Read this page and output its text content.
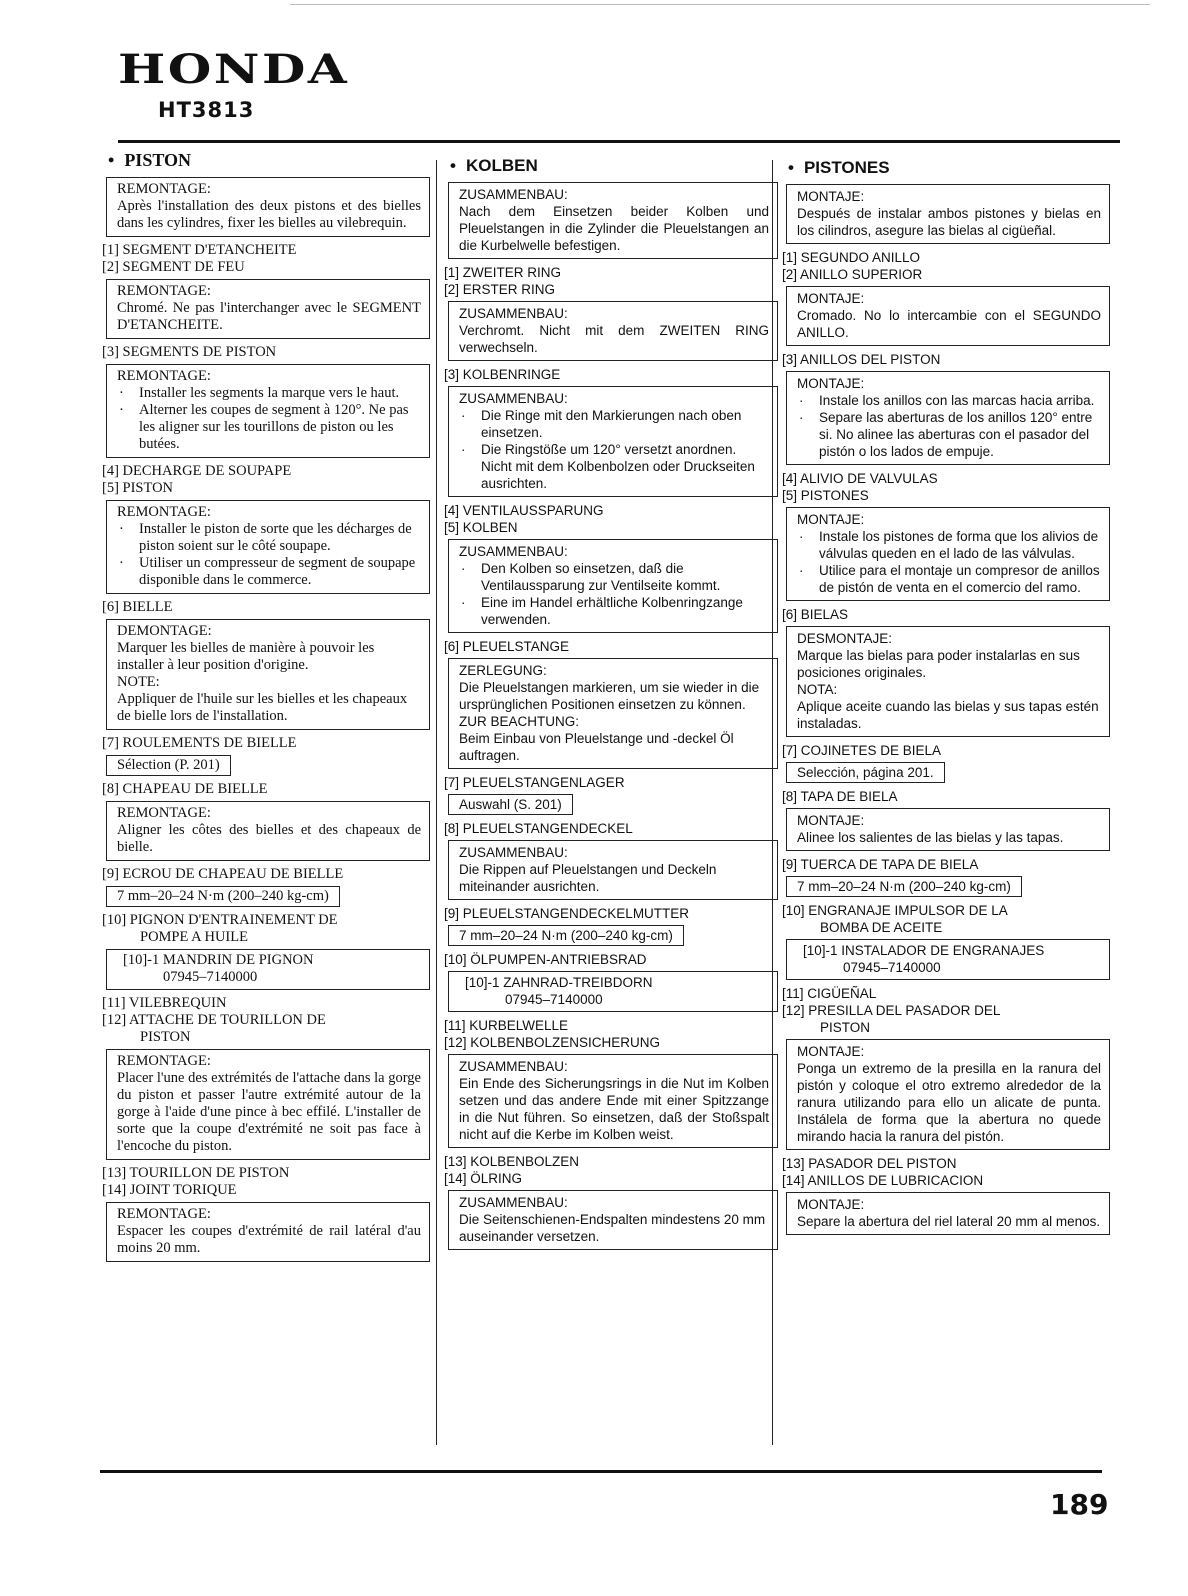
HONDA
HT3813
• PISTON
REMONTAGE:
Après l'installation des deux pistons et des bielles dans les cylindres, fixer les bielles au vilebrequin.
[1] SEGMENT D'ETANCHEITE
[2] SEGMENT DE FEU
REMONTAGE:
Chromé. Ne pas l'interchanger avec le SEGMENT D'ETANCHEITE.
[3] SEGMENTS DE PISTON
REMONTAGE:
· Installer les segments la marque vers le haut.
· Alterner les coupes de segment à 120°. Ne pas les aligner sur les tourillons de piston ou les butées.
[4] DECHARGE DE SOUPAPE
[5] PISTON
REMONTAGE:
· Installer le piston de sorte que les décharges de piston soient sur le côté soupape.
· Utiliser un compresseur de segment de soupape disponible dans le commerce.
[6] BIELLE
DEMONTAGE:
Marquer les bielles de manière à pouvoir les installer à leur position d'origine.
NOTE:
Appliquer de l'huile sur les bielles et les chapeaux de bielle lors de l'installation.
[7] ROULEMENTS DE BIELLE
Sélection (P. 201)
[8] CHAPEAU DE BIELLE
REMONTAGE:
Aligner les côtes des bielles et des chapeaux de bielle.
[9] ECROU DE CHAPEAU DE BIELLE
7 mm–20–24 N·m (200–240 kg-cm)
[10] PIGNON D'ENTRAINEMENT DE
POMPE A HUILE
[10]-1 MANDRIN DE PIGNON
07945–7140000
[11] VILEBREQUIN
[12] ATTACHE DE TOURILLON DE
PISTON
REMONTAGE:
Placer l'une des extrémités de l'attache dans la gorge du piston et passer l'autre extrémité autour de la gorge à l'aide d'une pince à bec effilé. L'installer de sorte que la coupe d'extrémité ne soit pas face à l'encoche du piston.
[13] TOURILLON DE PISTON
[14] JOINT TORIQUE
REMONTAGE:
Espacer les coupes d'extrémité de rail latéral d'au moins 20 mm.
• KOLBEN
ZUSAMMENBAU:
Nach dem Einsetzen beider Kolben und Pleuelstangen in die Zylinder die Pleuelstangen an die Kurbelwelle befestigen.
[1] ZWEITER RING
[2] ERSTER RING
ZUSAMMENBAU:
Verchromt. Nicht mit dem ZWEITEN RING verwechseln.
[3] KOLBENRINGE
ZUSAMMENBAU:
· Die Ringe mit den Markierungen nach oben einsetzen.
· Die Ringstöße um 120° versetzt anordnen. Nicht mit dem Kolbenbolzen oder Druckseiten ausrichten.
[4] VENTILAUSSPARUNG
[5] KOLBEN
ZUSAMMENBAU:
· Den Kolben so einsetzen, daß die Ventilaussparung zur Ventilseite kommt.
· Eine im Handel erhältliche Kolbenringzange verwenden.
[6] PLEUELSTANGE
ZERLEGUNG:
Die Pleuelstangen markieren, um sie wieder in die ursprünglichen Positionen einsetzen zu können.
ZUR BEACHTUNG:
Beim Einbau von Pleuelstange und -deckel Öl auftragen.
[7] PLEUELSTANGENLAGER
Auswahl (S. 201)
[8] PLEUELSTANGENDECKEL
ZUSAMMENBAU:
Die Rippen auf Pleuelstangen und Deckeln miteinander ausrichten.
[9] PLEUELSTANGENDECKELMUTTER
7 mm–20–24 N·m (200–240 kg-cm)
[10] ÖLPUMPEN-ANTRIEBSRAD
[10]-1 ZAHNRAD-TREIBDORN
07945–7140000
[11] KURBELWELLE
[12] KOLBENBOLZENSICHERUNG
ZUSAMMENBAU:
Ein Ende des Sicherungsrings in die Nut im Kolben setzen und das andere Ende mit einer Spitzzange in die Nut führen. So einsetzen, daß der Stoßspalt nicht auf die Kerbe im Kolben weist.
[13] KOLBENBOLZEN
[14] ÖLRING
ZUSAMMENBAU:
Die Seitenschienen-Endspalten mindestens 20 mm auseinander versetzen.
• PISTONES
MONTAJE:
Después de instalar ambos pistones y bielas en los cilindros, asegure las bielas al cigüeñal.
[1] SEGUNDO ANILLO
[2] ANILLO SUPERIOR
MONTAJE:
Cromado. No lo intercambie con el SEGUNDO ANILLO.
[3] ANILLOS DEL PISTON
MONTAJE:
· Instale los anillos con las marcas hacia arriba.
· Separe las aberturas de los anillos 120° entre si. No alinee las aberturas con el pasador del pistón o los lados de empuje.
[4] ALIVIO DE VALVULAS
[5] PISTONES
MONTAJE:
· Instale los pistones de forma que los alivios de válvulas queden en el lado de las válvulas.
· Utilice para el montaje un compresor de anillos de pistón de venta en el comercio del ramo.
[6] BIELAS
DESMONTAJE:
Marque las bielas para poder instalarlas en sus posiciones originales.
NOTA:
Aplique aceite cuando las bielas y sus tapas estén instaladas.
[7] COJINETES DE BIELA
Selección, página 201.
[8] TAPA DE BIELA
MONTAJE:
Alinee los salientes de las bielas y las tapas.
[9] TUERCA DE TAPA DE BIELA
7 mm–20–24 N·m (200–240 kg-cm)
[10] ENGRANAJE IMPULSOR DE LA
BOMBA DE ACEITE
[10]-1 INSTALADOR DE ENGRANAJES
07945–7140000
[11] CIGÜEÑAL
[12] PRESILLA DEL PASADOR DEL
PISTON
MONTAJE:
Ponga un extremo de la presilla en la ranura del pistón y coloque el otro extremo alrededor de la ranura utilizando para ello un alicate de punta. Instálela de forma que la abertura no quede mirando hacia la ranura del pistón.
[13] PASADOR DEL PISTON
[14] ANILLOS DE LUBRICACION
MONTAJE:
Separe la abertura del riel lateral 20 mm al menos.
189
